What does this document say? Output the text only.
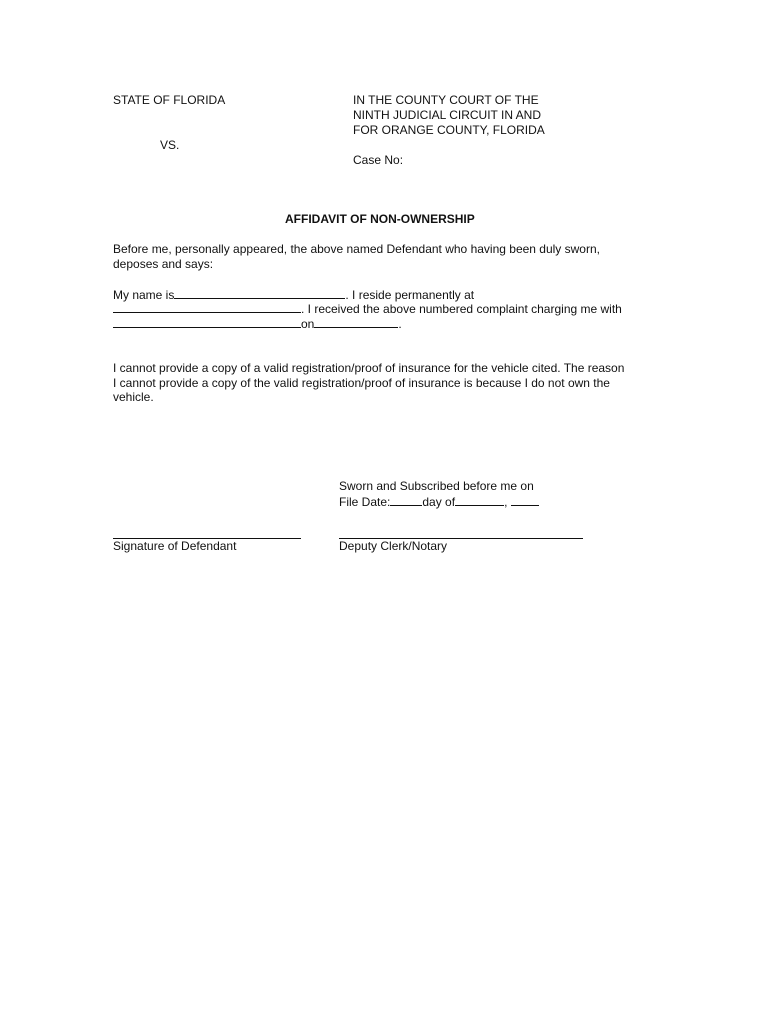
STATE OF FLORIDA
VS.
IN THE COUNTY COURT OF THE
NINTH JUDICIAL CIRCUIT IN AND
FOR ORANGE COUNTY, FLORIDA
Case No:
AFFIDAVIT OF NON-OWNERSHIP
Before me, personally appeared, the above named Defendant who having been duly sworn,
deposes and says:
My name is	. I reside permanently at
. I received the above numbered complaint charging me with
on	.
I cannot provide a copy of a valid registration/proof of insurance for the vehicle cited. The reason
I cannot provide a copy of the valid registration/proof of insurance is because I do not own the
vehicle.
Sworn and Subscribed before me on
File Date:	day of	,
Signature of Defendant	Deputy Clerk/Notary
